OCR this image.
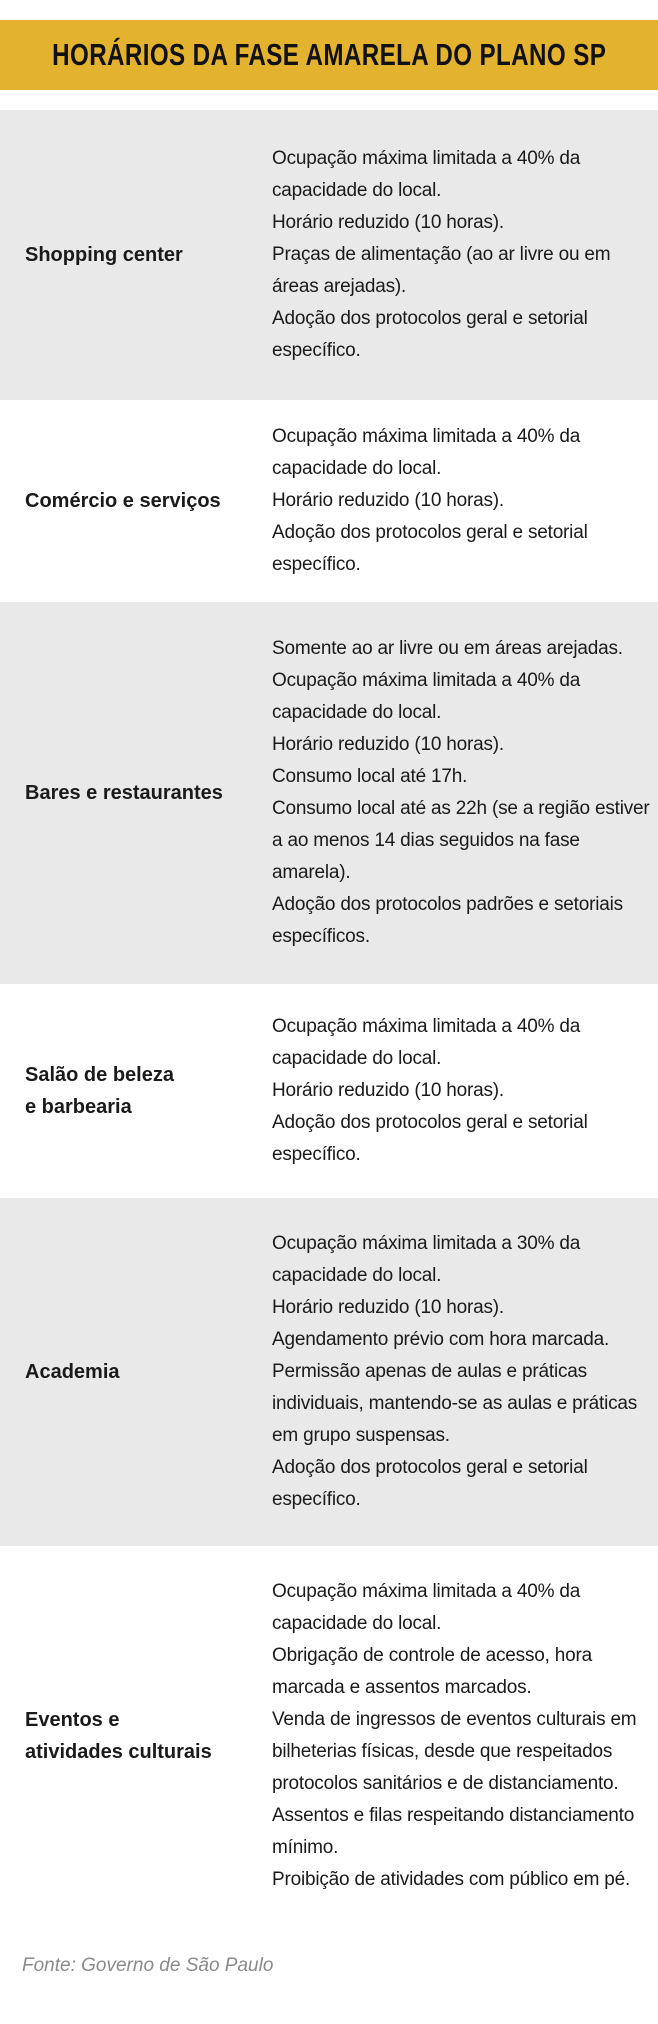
HORÁRIOS DA FASE AMARELA DO PLANO SP
Shopping center
Ocupação máxima limitada a 40% da capacidade do local.
Horário reduzido (10 horas).
Praças de alimentação (ao ar livre ou em áreas arejadas).
Adoção dos protocolos geral e setorial específico.
Comércio e serviços
Ocupação máxima limitada a 40% da capacidade do local.
Horário reduzido (10 horas).
Adoção dos protocolos geral e setorial específico.
Bares e restaurantes
Somente ao ar livre ou em áreas arejadas.
Ocupação máxima limitada a 40% da capacidade do local.
Horário reduzido (10 horas).
Consumo local até 17h.
Consumo local até as 22h (se a região estiver a ao menos 14 dias seguidos na fase amarela).
Adoção dos protocolos padrões e setoriais específicos.
Salão de beleza
e barbearia
Ocupação máxima limitada a 40% da capacidade do local.
Horário reduzido (10 horas).
Adoção dos protocolos geral e setorial específico.
Academia
Ocupação máxima limitada a 30% da capacidade do local.
Horário reduzido (10 horas).
Agendamento prévio com hora marcada.
Permissão apenas de aulas e práticas individuais, mantendo-se as aulas e práticas em grupo suspensas.
Adoção dos protocolos geral e setorial específico.
Eventos e
atividades culturais
Ocupação máxima limitada a 40% da capacidade do local.
Obrigação de controle de acesso, hora marcada e assentos marcados.
Venda de ingressos de eventos culturais em bilheterias físicas, desde que respeitados protocolos sanitários e de distanciamento.
Assentos e filas respeitando distanciamento mínimo.
Proibição de atividades com público em pé.
Fonte: Governo de São Paulo
